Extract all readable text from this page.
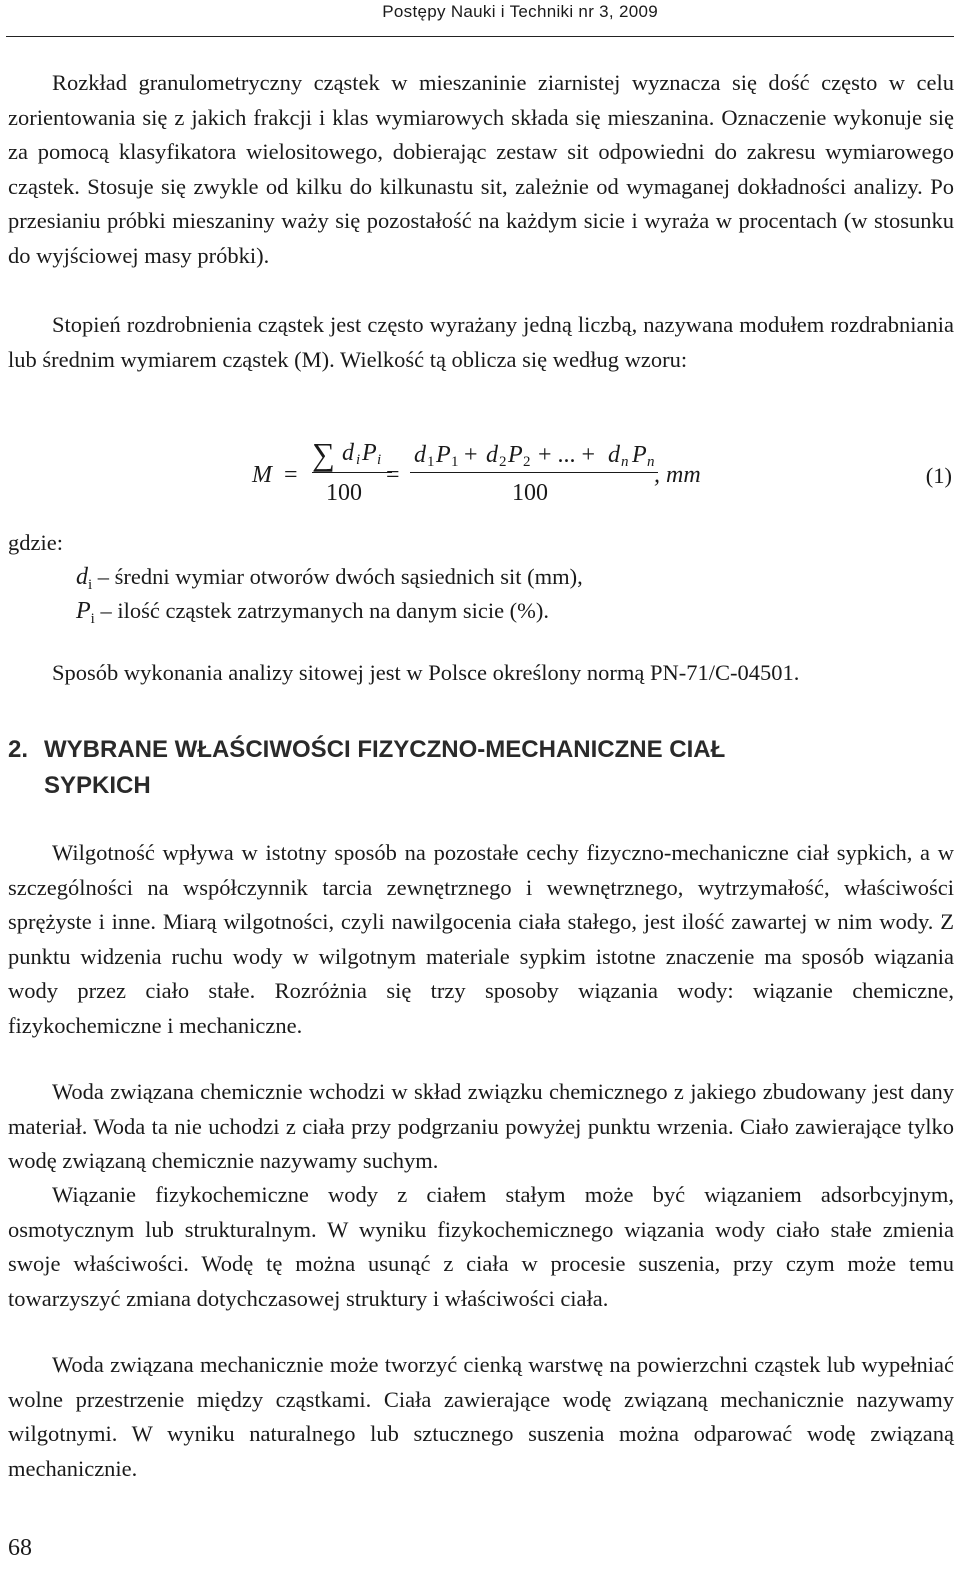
Postępy Nauki i Techniki nr 3, 2009

Rozkład granulometryczny cząstek w mieszaninie ziarnistej wyznacza się dość często w celu zorientowania się z jakich frakcji i klas wymiarowych składa się mieszanina. Oznaczenie wykonuje się za pomocą klasyfikatora wielositowego, dobierając zestaw sit odpowiedni do zakresu wymiarowego cząstek. Stosuje się zwykle od kilku do kilkunastu sit, zależnie od wymaganej dokładności analizy. Po przesianiu próbki mieszaniny waży się pozostałość na każdym sicie i wyraża w procentach (w stosunku do wyjściowej masy próbki).

Stopień rozdrobnienia cząstek jest często wyrażany jedną liczbą, nazywana modułem rozdrabniania lub średnim wymiarem cząstek (M). Wielkość tą oblicza się według wzoru:

M =
∑ d i P i
100
=
d 1 P 1 + d 2 P 2 + ... + d n P n
100
, mm	(1)
gdzie:
$d_i$ – średni wymiar otworów dwóch sąsiednich sit (mm),
$P_i$ – ilość cząstek zatrzymanych na danym sicie (%).

Sposób wykonania analizy sitowej jest w Polsce określony normą PN-71/C-04501.

2. WYBRANE WŁAŚCIWOŚCI FIZYCZNO-MECHANICZNE CIAŁ
SYPKICH

Wilgotność wpływa w istotny sposób na pozostałe cechy fizyczno-mechaniczne ciał sypkich, a w szczególności na współczynnik tarcia zewnętrznego i wewnętrznego, wytrzymałość, właściwości sprężyste i inne. Miarą wilgotności, czyli nawilgocenia ciała stałego, jest ilość zawartej w nim wody. Z punktu widzenia ruchu wody w wilgotnym materiale sypkim istotne znaczenie ma sposób wiązania wody przez ciało stałe. Rozróżnia się trzy sposoby wiązania wody: wiązanie chemiczne, fizykochemiczne i mechaniczne.

Woda związana chemicznie wchodzi w skład związku chemicznego z jakiego zbudowany jest dany materiał. Woda ta nie uchodzi z ciała przy podgrzaniu powyżej punktu wrzenia. Ciało zawierające tylko wodę związaną chemicznie nazywamy suchym.

Wiązanie fizykochemiczne wody z ciałem stałym może być wiązaniem adsorbcyjnym, osmotycznym lub strukturalnym. W wyniku fizykochemicznego wiązania wody ciało stałe zmienia swoje właściwości. Wodę tę można usunąć z ciała w procesie suszenia, przy czym może temu towarzyszyć zmiana dotychczasowej struktury i właściwości ciała.

Woda związana mechanicznie może tworzyć cienką warstwę na powierzchni cząstek lub wypełniać wolne przestrzenie między cząstkami. Ciała zawierające wodę związaną mechanicznie nazywamy wilgotnymi. W wyniku naturalnego lub sztucznego suszenia można odparować wodę związaną mechanicznie.

68
